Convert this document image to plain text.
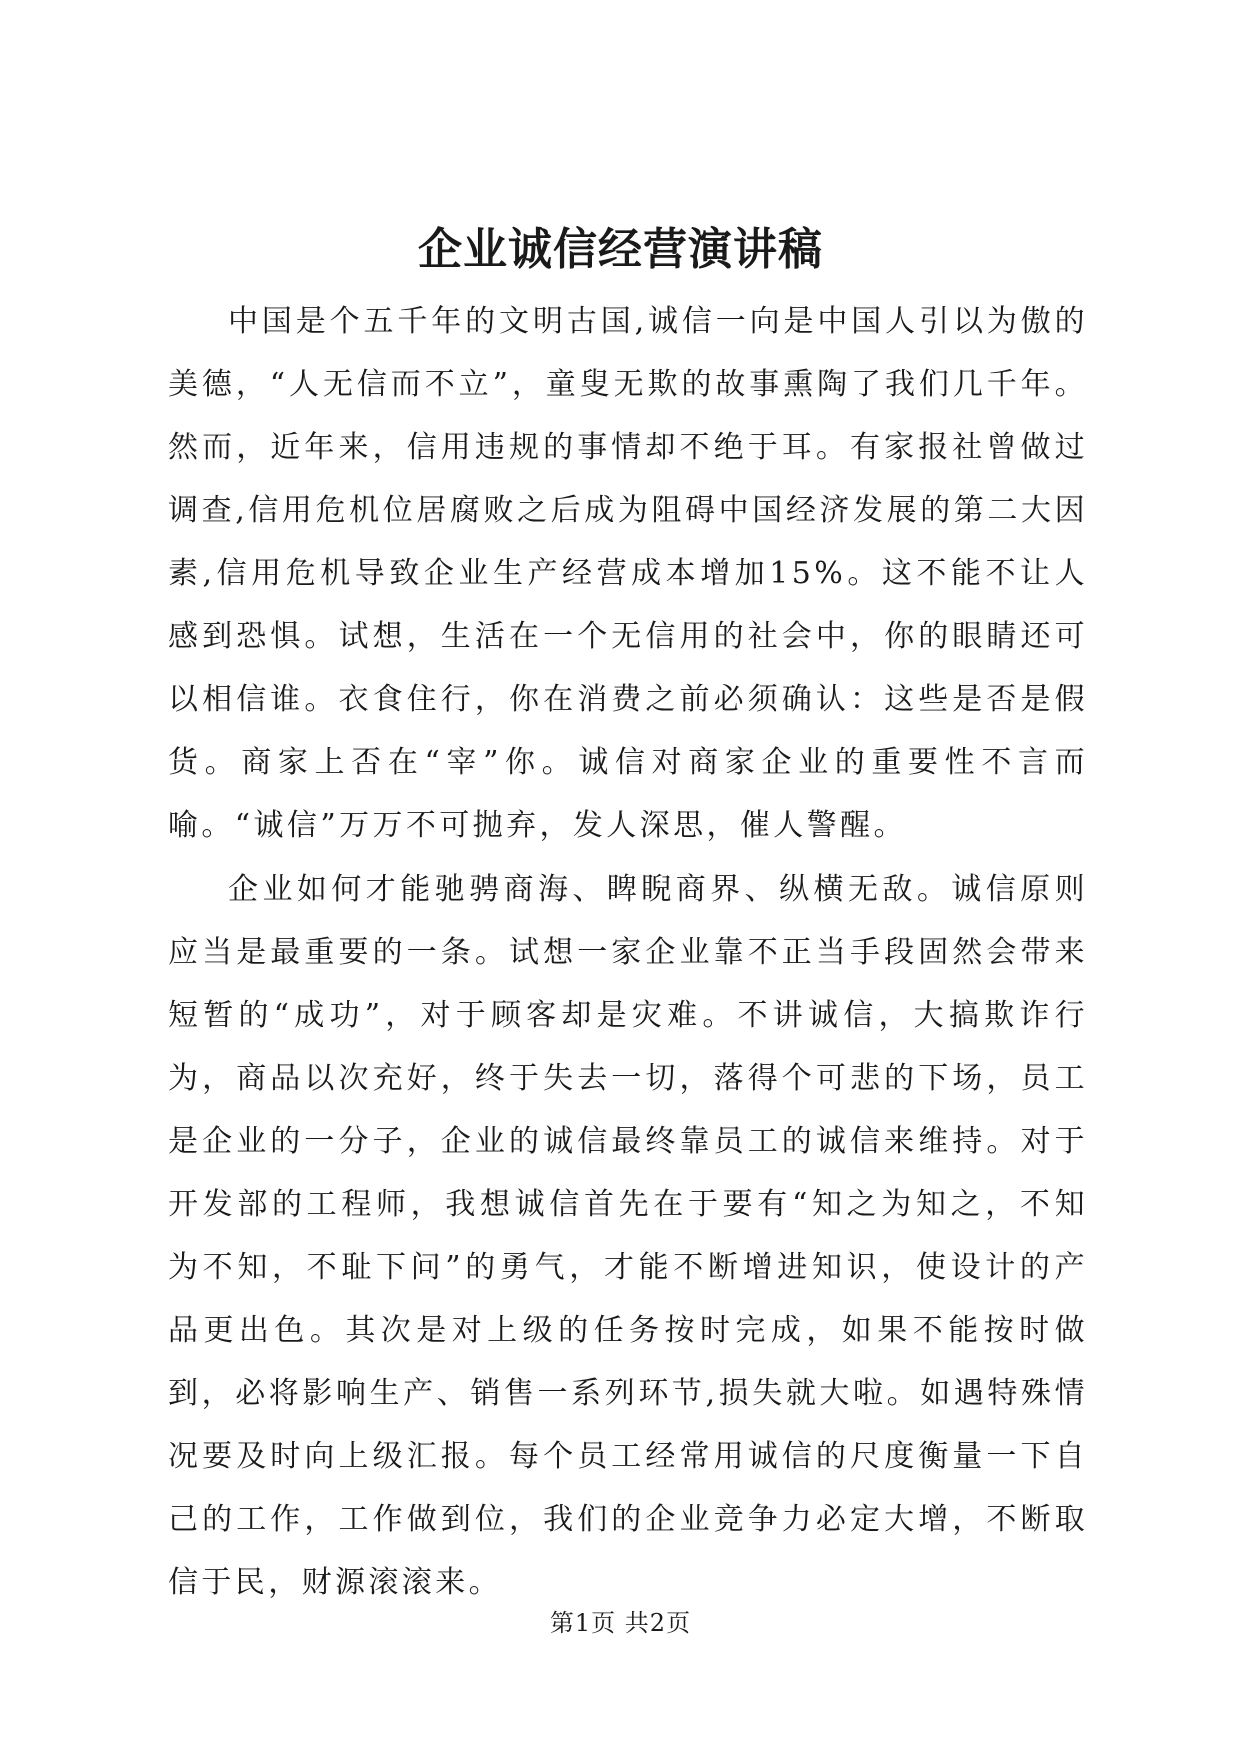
企业诚信经营演讲稿

中国是个五千年的文明古国,诚信一向是中国人引以为傲的美德，“人无信而不立”，童叟无欺的故事熏陶了我们几千年。然而，近年来，信用违规的事情却不绝于耳。有家报社曾做过调查,信用危机位居腐败之后成为阻碍中国经济发展的第二大因素,信用危机导致企业生产经营成本增加15%。这不能不让人感到恐惧。试想，生活在一个无信用的社会中，你的眼睛还可以相信谁。衣食住行，你在消费之前必须确认：这些是否是假货。商家上否在“宰”你。诚信对商家企业的重要性不言而喻。“诚信”万万不可抛弃，发人深思，催人警醒。

企业如何才能驰骋商海、睥睨商界、纵横无敌。诚信原则应当是最重要的一条。试想一家企业靠不正当手段固然会带来短暂的“成功”，对于顾客却是灾难。不讲诚信，大搞欺诈行为，商品以次充好，终于失去一切，落得个可悲的下场，员工是企业的一分子，企业的诚信最终靠员工的诚信来维持。对于开发部的工程师，我想诚信首先在于要有“知之为知之，不知为不知，不耻下问”的勇气，才能不断增进知识，使设计的产品更出色。其次是对上级的任务按时完成，如果不能按时做到，必将影响生产、销售一系列环节,损失就大啦。如遇特殊情况要及时向上级汇报。每个员工经常用诚信的尺度衡量一下自己的工作，工作做到位，我们的企业竞争力必定大增，不断取信于民，财源滚滚来。

第1页 共2页
